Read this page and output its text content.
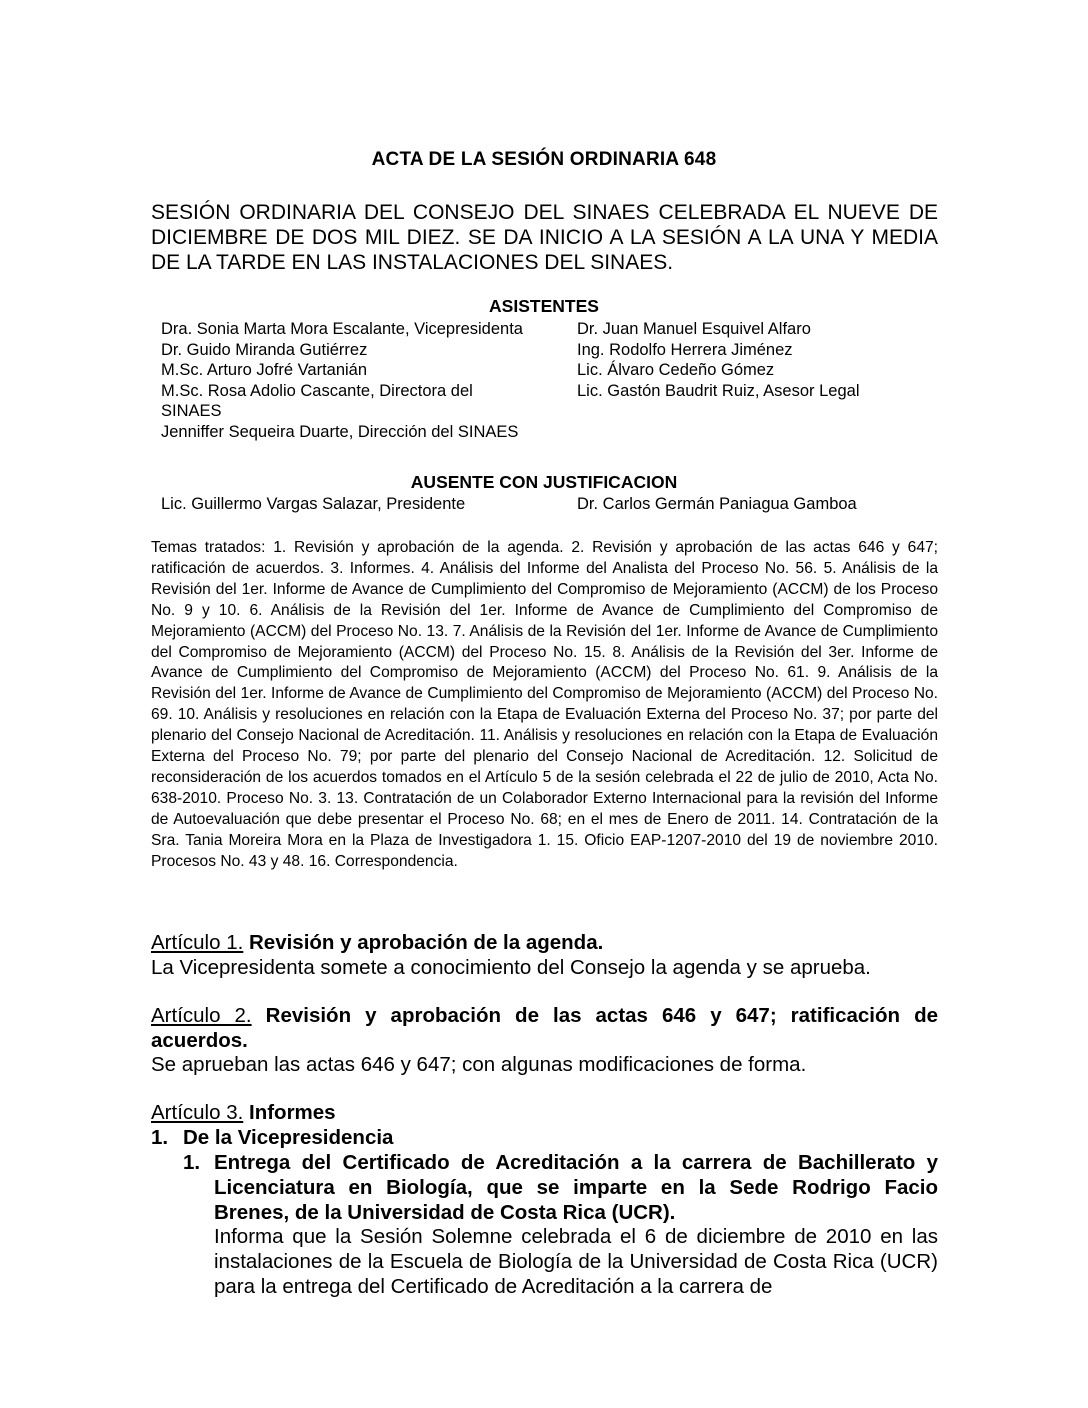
ACTA DE LA SESIÓN ORDINARIA 648
SESIÓN ORDINARIA DEL CONSEJO DEL SINAES CELEBRADA EL NUEVE DE DICIEMBRE DE DOS MIL DIEZ. SE DA INICIO A LA SESIÓN A LA UNA Y MEDIA DE LA TARDE EN LAS INSTALACIONES DEL SINAES.
ASISTENTES
Dra. Sonia Marta Mora Escalante, Vicepresidenta
Dr. Guido Miranda Gutiérrez
M.Sc. Arturo Jofré Vartanián
M.Sc. Rosa Adolio Cascante, Directora del
SINAES
Jenniffer Sequeira Duarte, Dirección del SINAES
Dr. Juan Manuel Esquivel Alfaro
Ing. Rodolfo Herrera Jiménez
Lic. Álvaro Cedeño Gómez
Lic. Gastón Baudrit Ruiz, Asesor Legal
AUSENTE CON JUSTIFICACION
Lic. Guillermo Vargas Salazar, Presidente	Dr. Carlos Germán Paniagua Gamboa
Temas tratados: 1. Revisión y aprobación de la agenda. 2. Revisión y aprobación de las actas 646 y 647; ratificación de acuerdos. 3. Informes. 4. Análisis del Informe del Analista del Proceso No. 56. 5. Análisis de la Revisión del 1er. Informe de Avance de Cumplimiento del Compromiso de Mejoramiento (ACCM) de los Proceso No. 9 y 10. 6. Análisis de la Revisión del 1er. Informe de Avance de Cumplimiento del Compromiso de Mejoramiento (ACCM) del Proceso No. 13. 7. Análisis de la Revisión del 1er. Informe de Avance de Cumplimiento del Compromiso de Mejoramiento (ACCM) del Proceso No. 15. 8. Análisis de la Revisión del 3er. Informe de Avance de Cumplimiento del Compromiso de Mejoramiento (ACCM) del Proceso No. 61. 9. Análisis de la Revisión del 1er. Informe de Avance de Cumplimiento del Compromiso de Mejoramiento (ACCM) del Proceso No. 69. 10. Análisis y resoluciones en relación con la Etapa de Evaluación Externa del Proceso No. 37; por parte del plenario del Consejo Nacional de Acreditación. 11. Análisis y resoluciones en relación con la Etapa de Evaluación Externa del Proceso No. 79; por parte del plenario del Consejo Nacional de Acreditación. 12. Solicitud de reconsideración de los acuerdos tomados en el Artículo 5 de la sesión celebrada el 22 de julio de 2010, Acta No. 638-2010. Proceso No. 3. 13. Contratación de un Colaborador Externo Internacional para la revisión del Informe de Autoevaluación que debe presentar el Proceso No. 68; en el mes de Enero de 2011. 14. Contratación de la Sra. Tania Moreira Mora en la Plaza de Investigadora 1. 15. Oficio EAP-1207-2010 del 19 de noviembre 2010. Procesos No. 43 y 48. 16. Correspondencia.
Artículo 1. Revisión y aprobación de la agenda.
La Vicepresidenta somete a conocimiento del Consejo la agenda y se aprueba.
Artículo 2. Revisión y aprobación de las actas 646 y 647; ratificación de acuerdos.
Se aprueban las actas 646 y 647; con algunas modificaciones de forma.
Artículo 3. Informes
1. De la Vicepresidencia
1. Entrega del Certificado de Acreditación a la carrera de Bachillerato y Licenciatura en Biología, que se imparte en la Sede Rodrigo Facio Brenes, de la Universidad de Costa Rica (UCR).
Informa que la Sesión Solemne celebrada el 6 de diciembre de 2010 en las instalaciones de la Escuela de Biología de la Universidad de Costa Rica (UCR) para la entrega del Certificado de Acreditación a la carrera de
